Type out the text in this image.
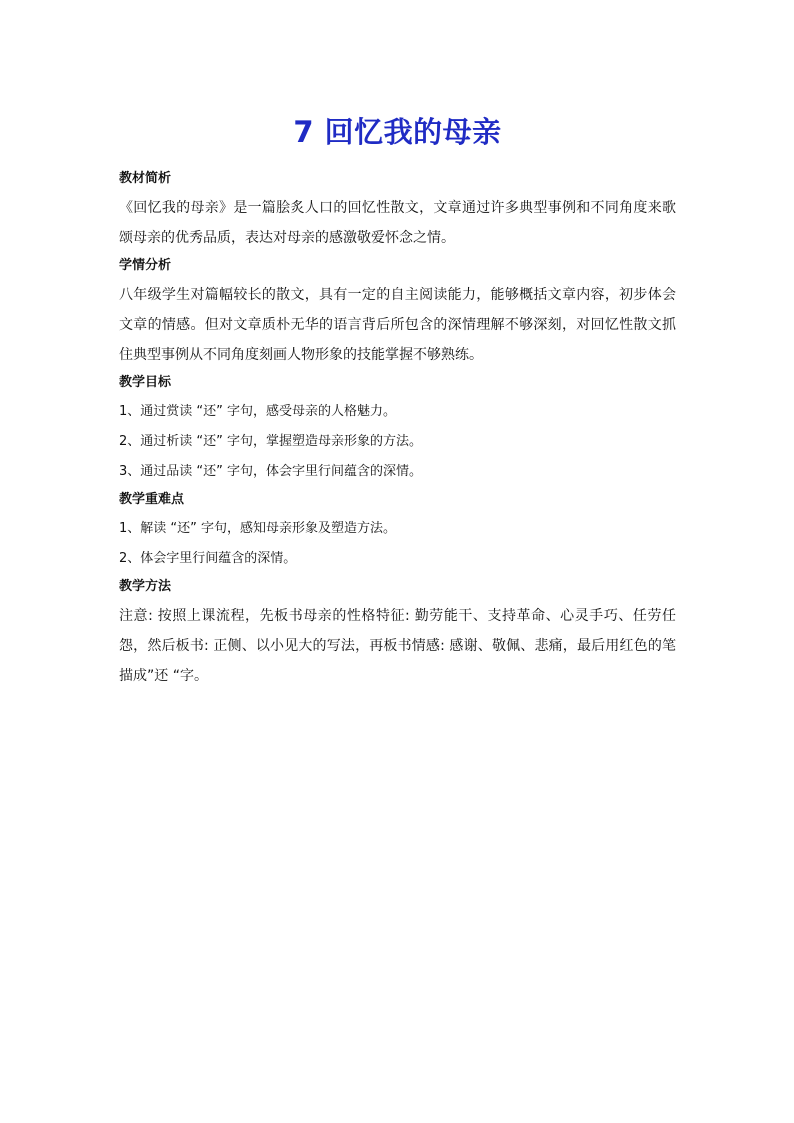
7 回忆我的母亲

教材简析

《回忆我的母亲》是一篇脍炙人口的回忆性散文，文章通过许多典型事例和不同角度来歌颂母亲的优秀品质，表达对母亲的感激敬爱怀念之情。

学情分析

八年级学生对篇幅较长的散文，具有一定的自主阅读能力，能够概括文章内容，初步体会文章的情感。但对文章质朴无华的语言背后所包含的深情理解不够深刻，对回忆性散文抓住典型事例从不同角度刻画人物形象的技能掌握不够熟练。

教学目标

1、通过赏读 “还” 字句，感受母亲的人格魅力。

2、通过析读 “还” 字句，掌握塑造母亲形象的方法。

3、通过品读 “还” 字句，体会字里行间蕴含的深情。

教学重难点

1、解读 “还” 字句，感知母亲形象及塑造方法。

2、体会字里行间蕴含的深情。

教学方法

注意: 按照上课流程，先板书母亲的性格特征: 勤劳能干、支持革命、心灵手巧、任劳任怨，然后板书: 正侧、以小见大的写法，再板书情感: 感谢、敬佩、悲痛，最后用红色的笔描成”还 “字。
